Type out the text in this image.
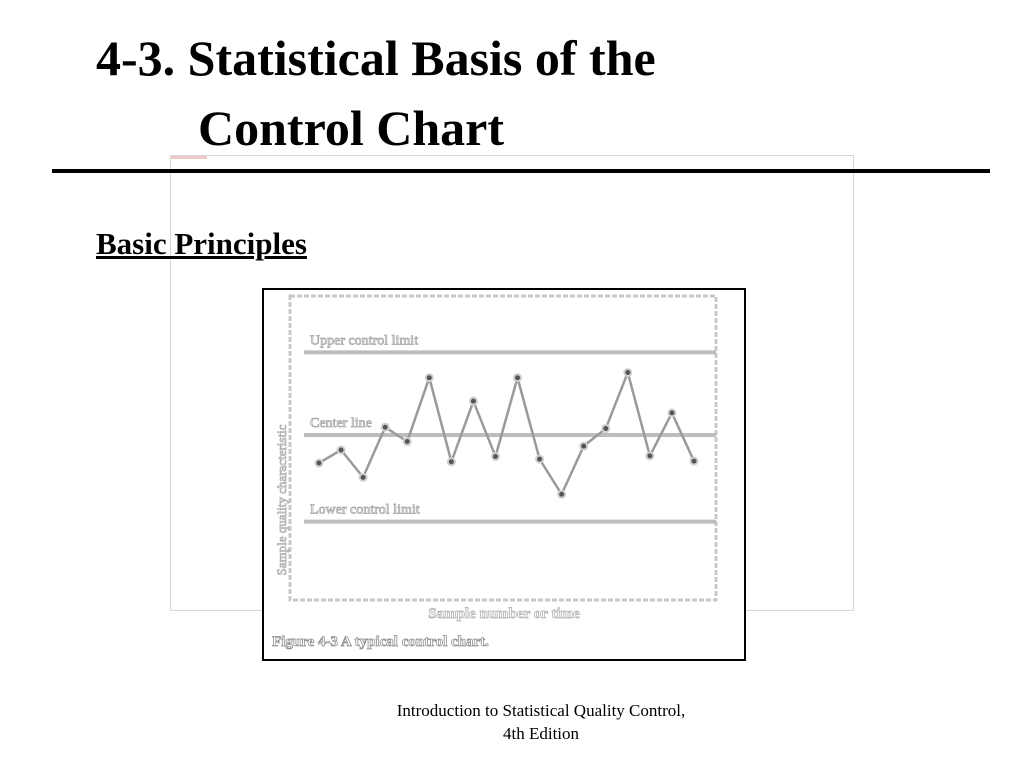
4-3. Statistical Basis of the
Control Chart
Basic Principles
Sample quality characteristic
Sample number or time
Figure 4-3 A typical control chart.
Upper control limit
Center line
Lower control limit
Introduction to Statistical Quality Control,
4th Edition
